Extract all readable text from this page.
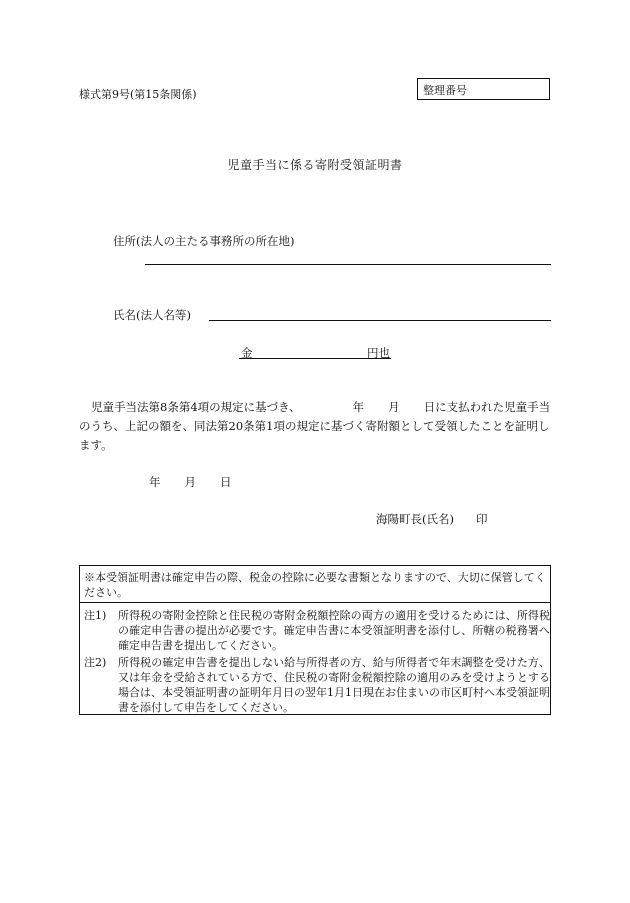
様式第9号(第15条関係)	整理番号
児童手当に係る寄附受領証明書
住所(法人の主たる事務所の所在地)
氏名(法人名等)
金	円也
児童手当法第8条第4項の規定に基づき、	年 月 日に支払われた児童手当
のうち、上記の額を、同法第20条第1項の規定に基づく寄附額として受領したことを証明し
ます。
年 月 日
海陽町長(氏名) 印
※本受領証明書は確定申告の際、税金の控除に必要な書類となりますので、大切に保管してください。
注1) 所得税の寄附金控除と住民税の寄附金税額控除の両方の適用を受けるためには、所得税の確定申告書の提出が必要です。確定申告書に本受領証明書を添付し、所轄の税務署へ確定申告書を提出してください。
注2) 所得税の確定申告書を提出しない給与所得者の方、給与所得者で年末調整を受けた方、又は年金を受給されている方で、住民税の寄附金税額控除の適用のみを受けようとする場合は、本受領証明書の証明年月日の翌年1月1日現在お住まいの市区町村へ本受領証明書を添付して申告をしてください。
